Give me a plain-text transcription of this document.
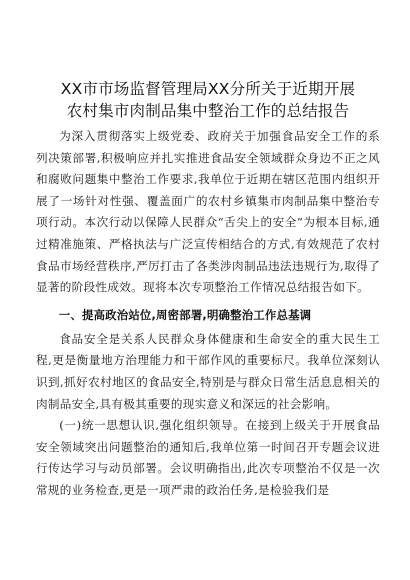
XX市市场监督管理局XX分所关于近期开展
农村集市肉制品集中整治工作的总结报告

为深入贯彻落实上级党委、政府关于加强食品安全工作的系列决策部署,积极响应并扎实推进食品安全领域群众身边不正之风和腐败问题集中整治工作要求,我单位于近期在辖区范围内组织开展了一场针对性强、覆盖面广的农村乡镇集市肉制品集中整治专项行动。本次行动以保障人民群众“舌尖上的安全”为根本目标,通过精准施策、严格执法与广泛宣传相结合的方式,有效规范了农村食品市场经营秩序,严厉打击了各类涉肉制品违法违规行为,取得了显著的阶段性成效。现将本次专项整治工作情况总结报告如下。

一、提高政治站位,周密部署,明确整治工作总基调

食品安全是关系人民群众身体健康和生命安全的重大民生工程,更是衡量地方治理能力和干部作风的重要标尺。我单位深刻认识到,抓好农村地区的食品安全,特别是与群众日常生活息息相关的肉制品安全,具有极其重要的现实意义和深远的社会影响。

(一)统一思想认识,强化组织领导。在接到上级关于开展食品安全领域突出问题整治的通知后,我单位第一时间召开专题会议进行传达学习与动员部署。会议明确指出,此次专项整治不仅是一次常规的业务检查,更是一项严肃的政治任务,是检验我们是
